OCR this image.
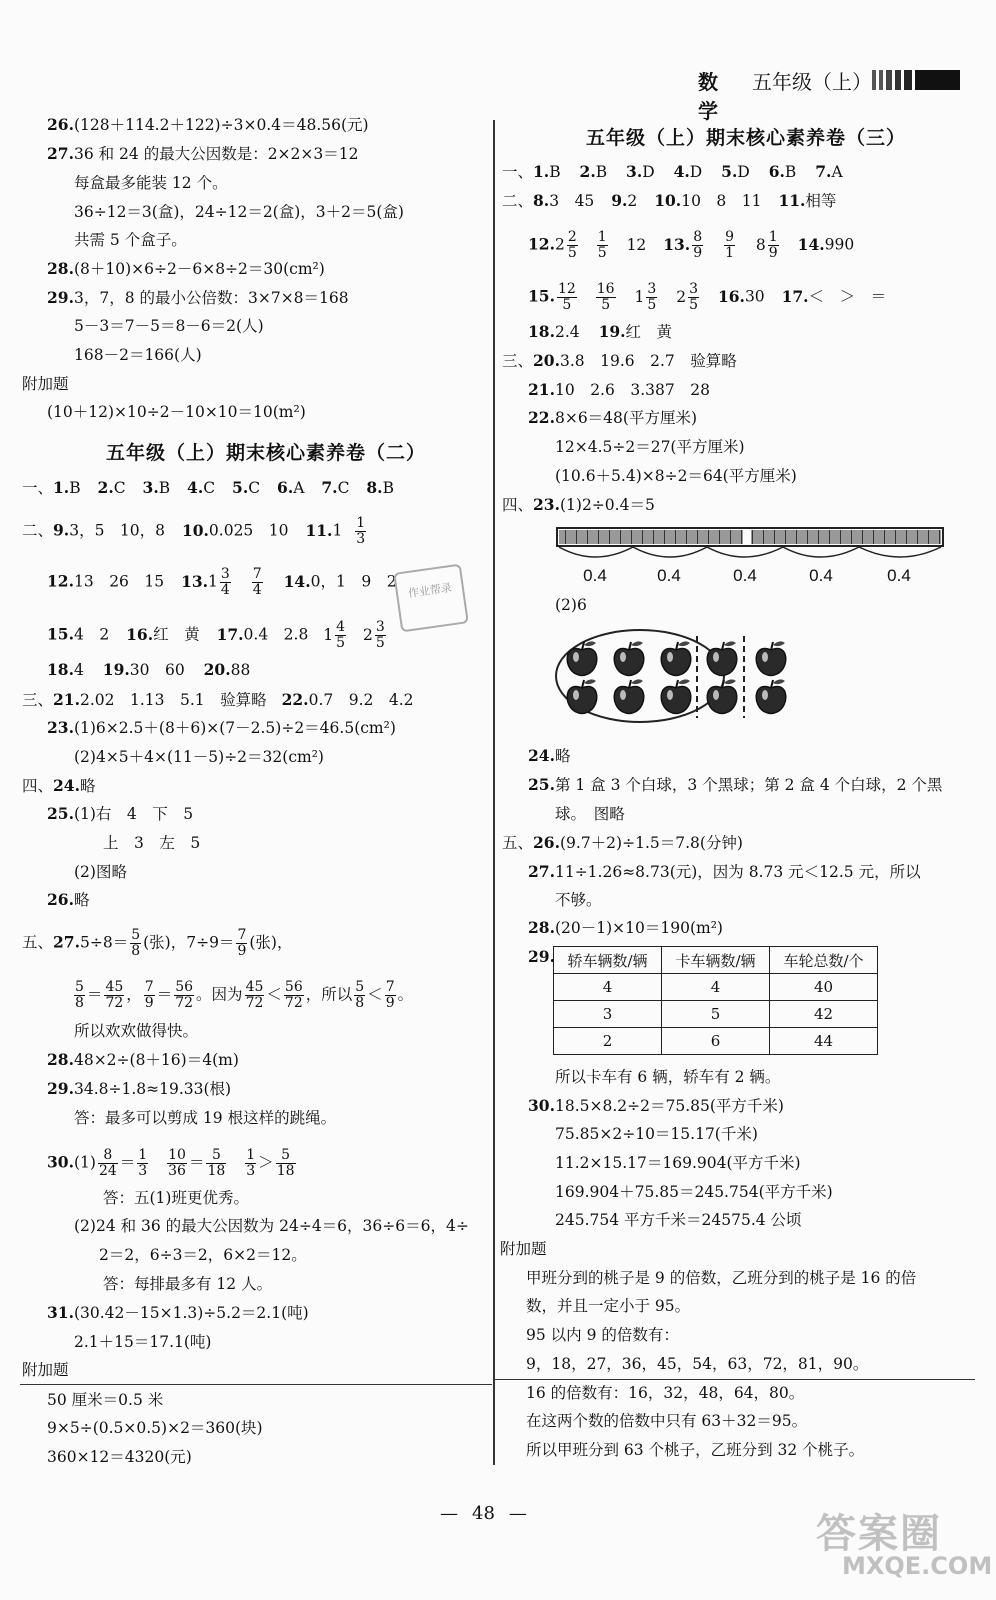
数学
五年级（上）
26.(128＋114.2＋122)÷3×0.4＝48.56(元)
27.36 和 24 的最大公因数是：2×2×3＝12
每盒最多能装 12 个。
36÷12＝3(盒)，24÷12＝2(盒)，3＋2＝5(盒)
共需 5 个盒子。
28.(8＋10)×6÷2－6×8÷2＝30(cm²)
29.3，7，8 的最小公倍数：3×7×8＝168
5－3＝7－5＝8－6＝2(人)
168－2＝166(人)
附加题
(10＋12)×10÷2－10×10＝10(m²)
五年级（上）期末核心素养卷（二）
一、1.B 2.C 3.B 4.C 5.C 6.A 7.C 8.B
二、9.3，5　10，8 10.0.025　10 $11.1 \frac{1}{3}$
12.13　26　15 $13.1 \frac{3}{4}$
$\frac{7}{4} 14.0$，1　9　2
15.4　2 16.红　黄 17.0.4　2.8 $1 \frac{4}{5} 2 \frac{3}{5}$
作业帮录
18.4 19.30　60 20.88
三、21.2.02　1.13　5.1　验算略 22.0.7　9.2　4.2
23.(1)6×2.5＋(8＋6)×(7－2.5)÷2＝46.5(cm²)
(2)4×5＋4×(11－5)÷2＝32(cm²)
四、24.略
25.(1)右　4　下　5
上　3　左　5
(2)图略
26.略
五、$27.5\div 8= \frac{5}{8}$ (张)，$7\div 9= \frac{7}{9}$ (张)，
$\frac{5}{8} = \frac{45}{72}$ ， $\frac{7}{9} = \frac{56}{72}$ 。因为 $\frac{45}{72} < \frac{56}{72}$ ，所以 $\frac{5}{8} < \frac{7}{9}$ 。
所以欢欢做得快。
28.48×2÷(8＋16)＝4(m)
29.34.8÷1.8≈19.33(根)
答：最多可以剪成 19 根这样的跳绳。
$30.(1) \frac{8}{24} = \frac{1}{3}$
$\frac{10}{36} = \frac{5}{18}$
$\frac{1}{3} > \frac{5}{18}$
答：五(1)班更优秀。
(2)24 和 36 的最大公因数为 24÷4＝6，36÷6＝6，4÷
2＝2，6÷3＝2，6×2＝12。
答：每排最多有 12 人。
31.(30.42－15×1.3)÷5.2＝2.1(吨)
2.1＋15＝17.1(吨)
附加题
50 厘米＝0.5 米
9×5÷(0.5×0.5)×2＝360(块)
360×12＝4320(元)
五年级（上）期末核心素养卷（三）
一、1.B 2.B 3.D 4.D 5.D 6.B 7.A
二、8.3　45 9.2 10.10　8　11 11.相等
$12.2 \frac{2}{5}$
$\frac{1}{5} 12$ 13. $\frac{8}{9}$
$\frac{9}{1} 8 \frac{1}{9} 14.990$
15. $\frac{12}{5}$
$\frac{16}{5} 1 \frac{3}{5} 2 \frac{3}{5} 16.30$ 17.＜　＞　＝
18.2.4 19.红　黄
三、20.3.8　19.6　2.7　验算略
21.10　2.6　3.387　28
22.8×6＝48(平方厘米)
12×4.5÷2＝27(平方厘米)
(10.6＋5.4)×8÷2＝64(平方厘米)
四、23.(1)2÷0.4＝5
0.4	0.4	0.4	0.4	0.4
(2)6
24.略
25.第 1 盒 3 个白球，3 个黑球；第 2 盒 4 个白球，2 个黑
球。　图略
五、26.(9.7＋2)÷1.5＝7.8(分钟)
27.11÷1.26≈8.73(元)，因为 8.73 元＜12.5 元，所以
不够。
28.(20－1)×10＝190(m²)
29. 轿车辆数/辆	卡车辆数/辆	车轮总数/个
4	4	40
3	5	42
2	6	44
所以卡车有 6 辆，轿车有 2 辆。
30.18.5×8.2÷2＝75.85(平方千米)
75.85×2÷10＝15.17(千米)
11.2×15.17＝169.904(平方千米)
169.904＋75.85＝245.754(平方千米)
245.754 平方千米＝24575.4 公顷
附加题
甲班分到的桃子是 9 的倍数，乙班分到的桃子是 16 的倍
数，并且一定小于 95。
95 以内 9 的倍数有：
9，18，27，36，45，54，63，72，81，90。
16 的倍数有：16，32，48，64，80。
在这两个数的倍数中只有 63＋32＝95。
所以甲班分到 63 个桃子，乙班分到 32 个桃子。
— 48 —	答案圈
MXQE.COM
